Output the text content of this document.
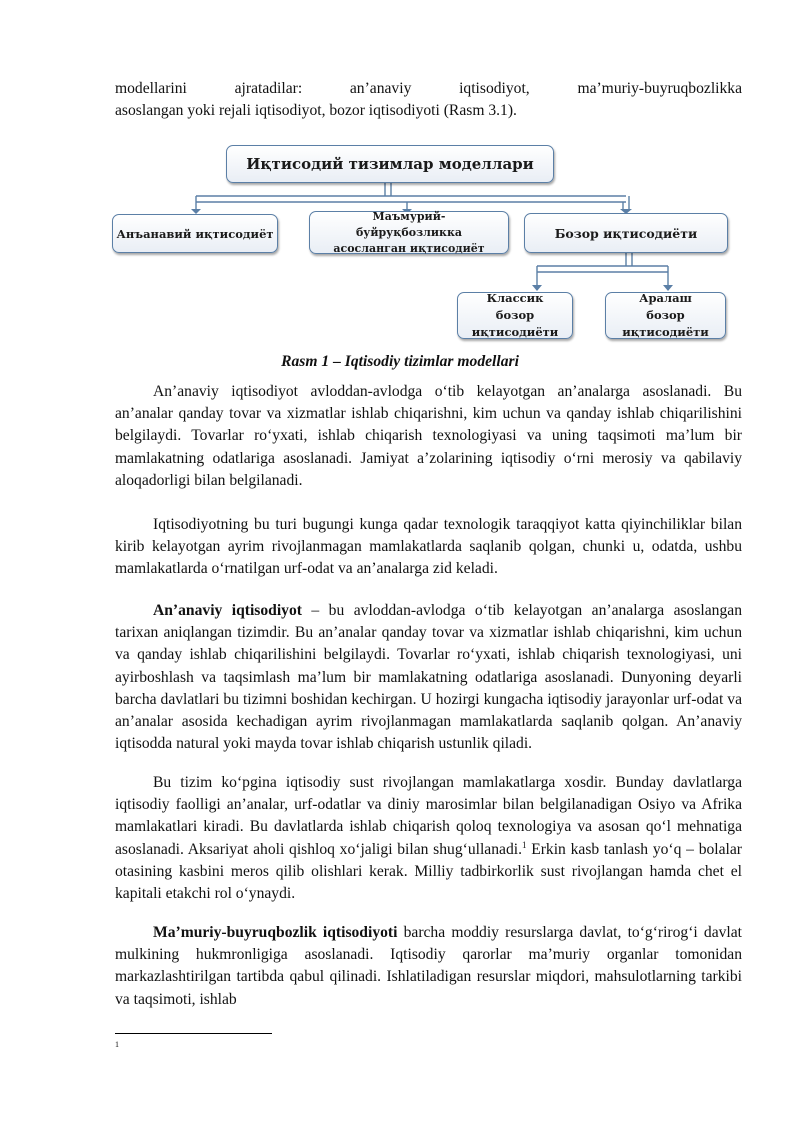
modellarini ajratadilar: an’anaviy iqtisodiyot, ma’muriy-buyruqbozlikka
asoslangan yoki rejali iqtisodiyot, bozor iqtisodiyoti (Rasm 3.1).

Иқтисодий тизимлар моделлари
Анъанавий иқтисодиёт
Маъмурий-буйруқбозликка асосланган иқтисодиёт
Бозор иқтисодиёти
Классик бозор иқтисодиёти
Аралаш бозор иқтисодиёти
Rasm 1 – Iqtisodiy tizimlar modellari

An’anaviy iqtisodiyot avloddan-avlodga o‘tib kelayotgan an’analarga asoslanadi. Bu an’analar qanday tovar va xizmatlar ishlab chiqarishni, kim uchun va qanday ishlab chiqarilishini belgilaydi. Tovarlar ro‘yxati, ishlab chiqarish texnologiyasi va uning taqsimoti ma’lum bir mamlakatning odatlariga asoslanadi. Jamiyat a’zolarining iqtisodiy o‘rni merosiy va qabilaviy aloqadorligi bilan belgilanadi.

Iqtisodiyotning bu turi bugungi kunga qadar texnologik taraqqiyot katta qiyinchiliklar bilan kirib kelayotgan ayrim rivojlanmagan mamlakatlarda saqlanib qolgan, chunki u, odatda, ushbu mamlakatlarda o‘rnatilgan urf-odat va an’analarga zid keladi.

An’anaviy iqtisodiyot – bu avloddan-avlodga o‘tib kelayotgan an’analarga asoslangan tarixan aniqlangan tizimdir. Bu an’analar qanday tovar va xizmatlar ishlab chiqarishni, kim uchun va qanday ishlab chiqarilishini belgilaydi. Tovarlar ro‘yxati, ishlab chiqarish texnologiyasi, uni ayirboshlash va taqsimlash ma’lum bir mamlakatning odatlariga asoslanadi. Dunyoning deyarli barcha davlatlari bu tizimni boshidan kechirgan. U hozirgi kungacha iqtisodiy jarayonlar urf-odat va an’analar asosida kechadigan ayrim rivojlanmagan mamlakatlarda saqlanib qolgan. An’anaviy iqtisodda natural yoki mayda tovar ishlab chiqarish ustunlik qiladi.

Bu tizim ko‘pgina iqtisodiy sust rivojlangan mamlakatlarga xosdir. Bunday davlatlarga iqtisodiy faolligi an’analar, urf-odatlar va diniy marosimlar bilan belgilanadigan Osiyo va Afrika mamlakatlari kiradi. Bu davlatlarda ishlab chiqarish qoloq texnologiya va asosan qo‘l mehnatiga asoslanadi. Aksariyat aholi qishloq xo‘jaligi bilan shug‘ullanadi.$^1$ Erkin kasb tanlash yo‘q – bolalar otasining kasbini meros qilib olishlari kerak. Milliy tadbirkorlik sust rivojlangan hamda chet el kapitali etakchi rol o‘ynaydi.

Ma’muriy-buyruqbozlik iqtisodiyoti barcha moddiy resurslarga davlat, to‘g‘rirog‘i davlat mulkining hukmronligiga asoslanadi. Iqtisodiy qarorlar ma’muriy organlar tomonidan markazlashtirilgan tartibda qabul qilinadi. Ishlatiladigan resurslar miqdori, mahsulotlarning tarkibi va taqsimoti, ishlab

1
